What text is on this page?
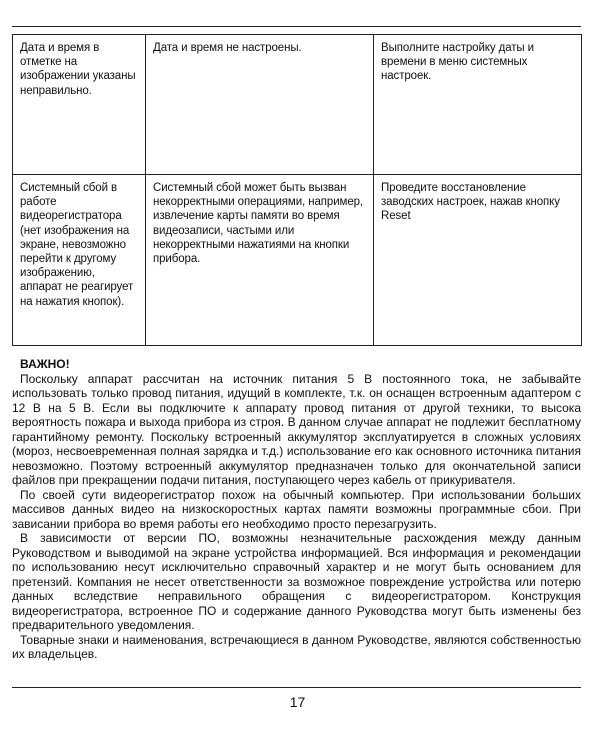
Дата и время в отметке на изображении указаны неправильно.	Дата и время не настроены.	Выполните настройку даты и времени в меню системных настроек.

Системный сбой в работе видеорегистратора (нет изображения на экране, невозможно перейти к другому изображению, аппарат не реагирует на нажатия кнопок).	Системный сбой может быть вызван некорректными операциями, например, извлечение карты памяти во время видеозаписи, частыми или некорректными нажатиями на кнопки прибора.	Проведите восстановление заводских настроек, нажав кнопку Reset
ВАЖНО!

Поскольку аппарат рассчитан на источник питания 5 В постоянного тока, не забывайте использовать только провод питания, идущий в комплекте, т.к. он оснащен встроенным адаптером с 12 В на 5 В. Если вы подключите к аппарату провод питания от другой техники, то высока вероятность пожара и выхода прибора из строя. В данном случае аппарат не подлежит бесплатному гарантийному ремонту. Поскольку встроенный аккумулятор эксплуатируется в сложных условиях (мороз, несвоевременная полная зарядка и т.д.) использование его как основного источника питания невозможно. Поэтому встроенный аккумулятор предназначен только для окончательной записи файлов при прекращении подачи питания, поступающего через кабель от прикуривателя.

По своей сути видеорегистратор похож на обычный компьютер. При использовании больших массивов данных видео на низкоскоростных картах памяти возможны программные сбои. При зависании прибора во время работы его необходимо просто перезагрузить.

В зависимости от версии ПО, возможны незначительные расхождения между данным Руководством и выводимой на экране устройства информацией. Вся информация и рекомендации по использованию несут исключительно справочный характер и не могут быть основанием для претензий. Компания не несет ответственности за возможное повреждение устройства или потерю данных вследствие неправильного обращения с видеорегистратором. Конструкция видеорегистратора, встроенное ПО и содержание данного Руководства могут быть изменены без предварительного уведомления.

Товарные знаки и наименования, встречающиеся в данном Руководстве, являются собственностью их владельцев.

17
